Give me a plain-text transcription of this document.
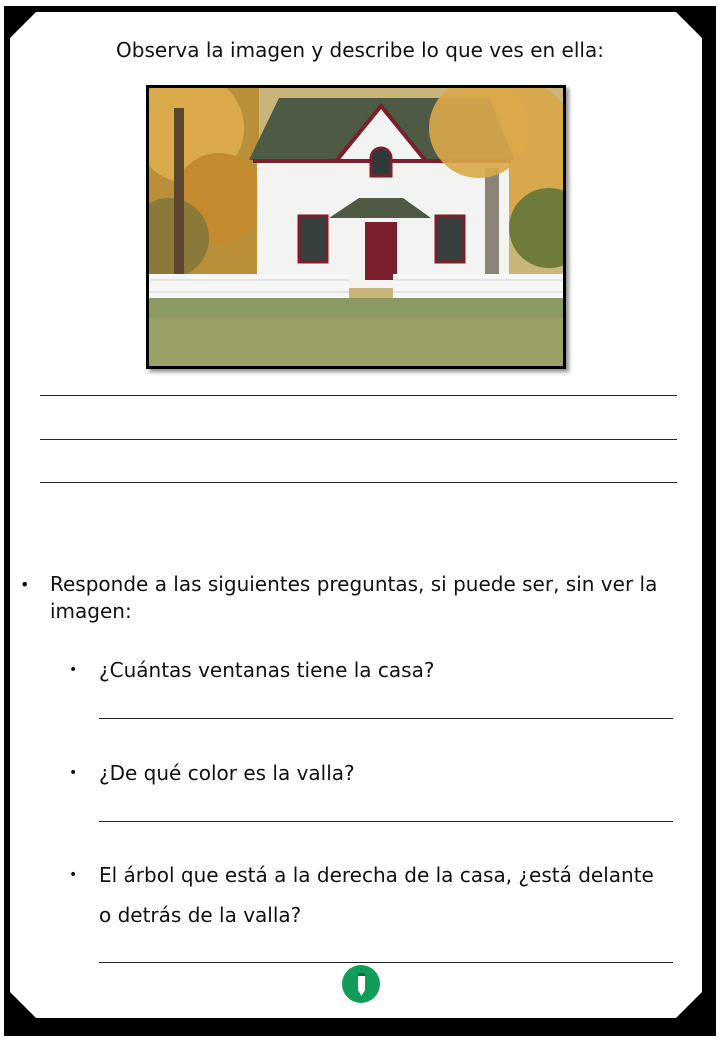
Observa la imagen y describe lo que ves en ella:
• Responde a las siguientes preguntas, si puede ser, sin ver la imagen:
• ¿Cuántas ventanas tiene la casa?
• ¿De qué color es la valla?
• El árbol que está a la derecha de la casa, ¿está delante o detrás de la valla?
